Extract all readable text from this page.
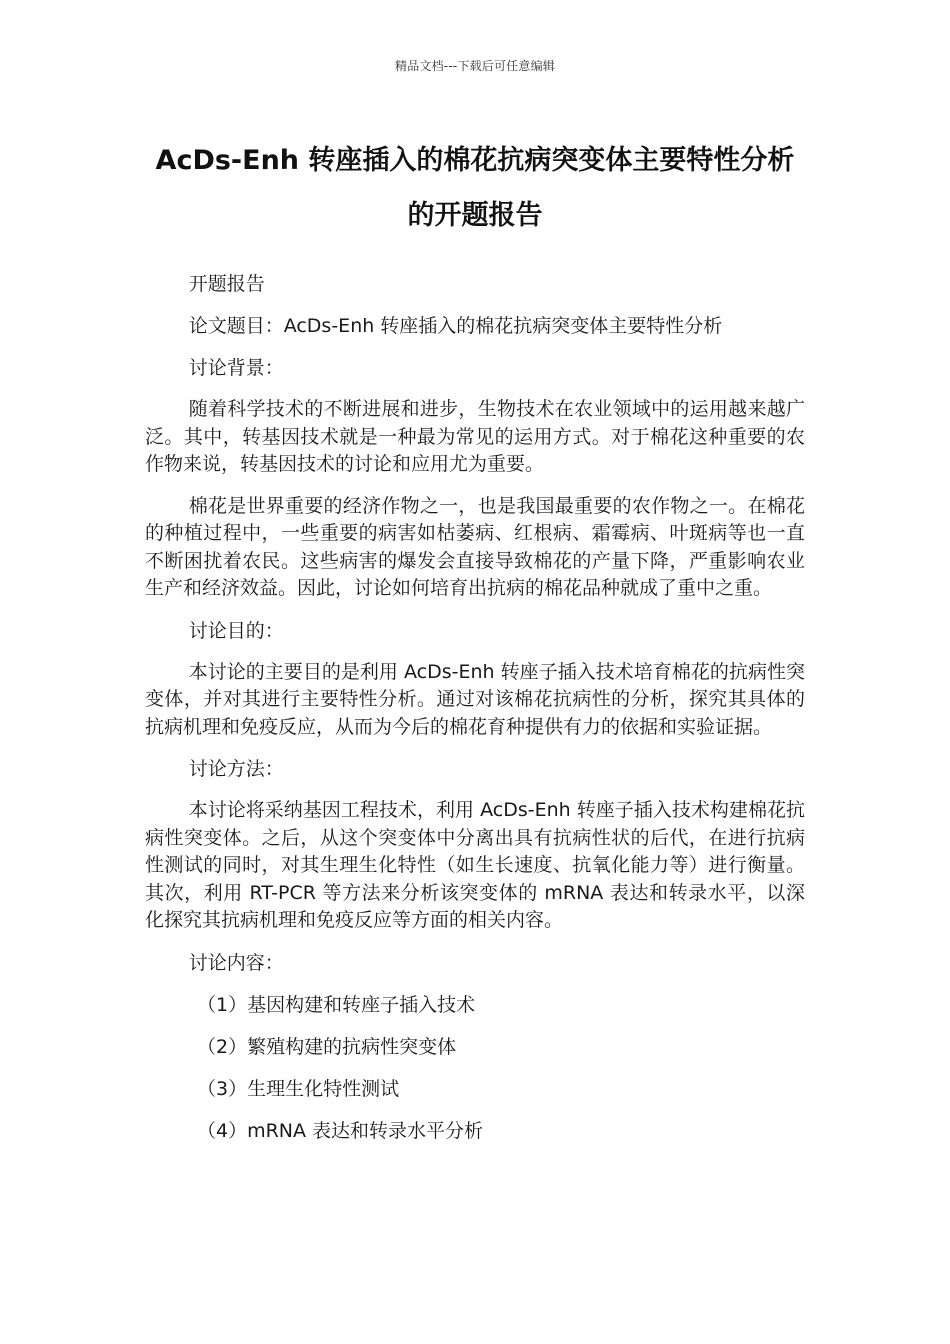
精品文档---下载后可任意编辑
AcDs-Enh 转座插入的棉花抗病突变体主要特性分析
的开题报告

开题报告

论文题目：AcDs-Enh 转座插入的棉花抗病突变体主要特性分析

讨论背景：

随着科学技术的不断进展和进步，生物技术在农业领域中的运用越来越广泛。其中，转基因技术就是一种最为常见的运用方式。对于棉花这种重要的农作物来说，转基因技术的讨论和应用尤为重要。

棉花是世界重要的经济作物之一，也是我国最重要的农作物之一。在棉花的种植过程中，一些重要的病害如枯萎病、红根病、霜霉病、叶斑病等也一直不断困扰着农民。这些病害的爆发会直接导致棉花的产量下降，严重影响农业生产和经济效益。因此，讨论如何培育出抗病的棉花品种就成了重中之重。

讨论目的：

本讨论的主要目的是利用 AcDs-Enh 转座子插入技术培育棉花的抗病性突变体，并对其进行主要特性分析。通过对该棉花抗病性的分析，探究其具体的抗病机理和免疫反应，从而为今后的棉花育种提供有力的依据和实验证据。

讨论方法：

本讨论将采纳基因工程技术，利用 AcDs-Enh 转座子插入技术构建棉花抗病性突变体。之后，从这个突变体中分离出具有抗病性状的后代，在进行抗病性测试的同时，对其生理生化特性（如生长速度、抗氧化能力等）进行衡量。其次，利用 RT-PCR 等方法来分析该突变体的 mRNA 表达和转录水平，以深化探究其抗病机理和免疫反应等方面的相关内容。

讨论内容：

（1）基因构建和转座子插入技术

（2）繁殖构建的抗病性突变体

（3）生理生化特性测试

（4）mRNA 表达和转录水平分析
